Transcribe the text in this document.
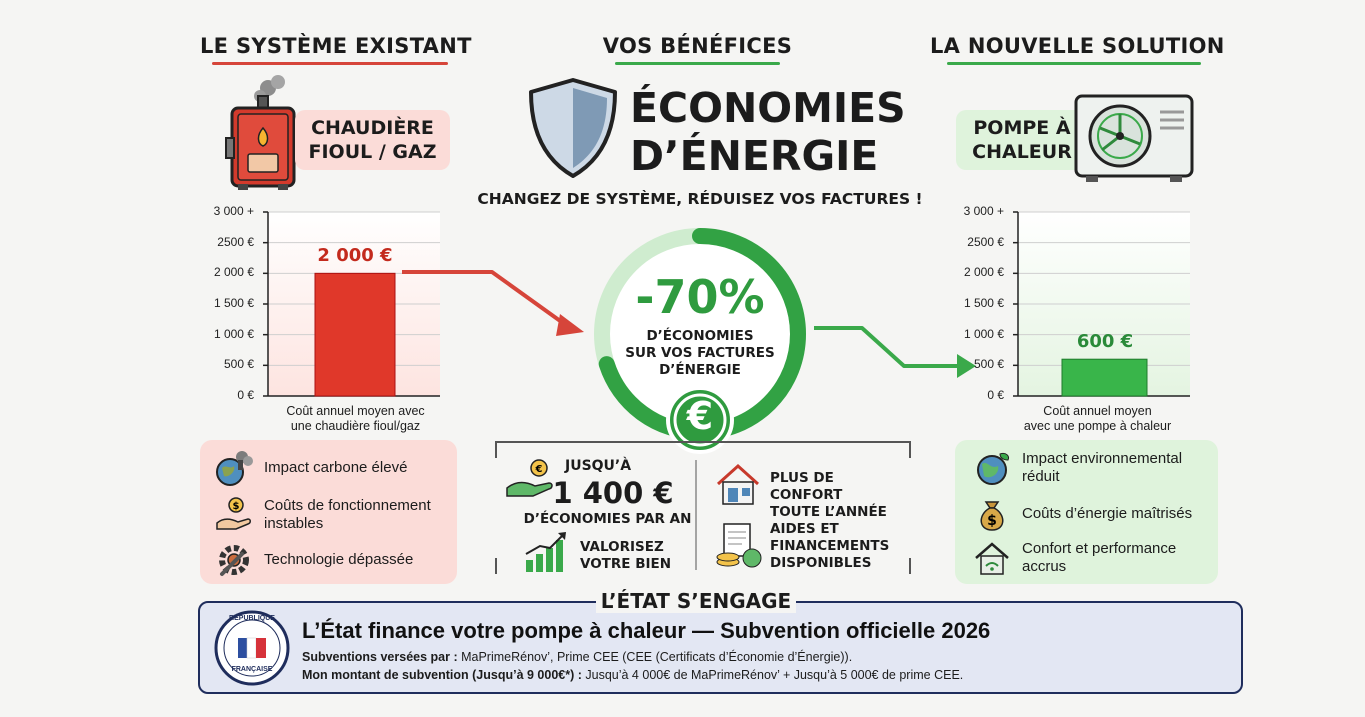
LE SYSTÈME EXISTANT	VOS BÉNÉFICES	LA NOUVELLE SOLUTION
CHAUDIÈRE
FIOUL / GAZ
0 €
500 €
1 000 €
1 500 €
2 000 €
2500 €
3 000 +
2 000 €
Coût annuel moyen avec
une chaudière fioul/gaz
Impact carbone élevé
$ Coûts de fonctionnement
instables
Technologie dépassée
ÉCONOMIES
D’ÉNERGIE
CHANGEZ DE SYSTÈME, RÉDUISEZ VOS FACTURES !
-70%
D’ÉCONOMIES
SUR VOS FACTURES
D’ÉNERGIE
€
€ JUSQU’À
1 400 €
D’ÉCONOMIES PAR AN
VALORISEZ
VOTRE BIEN
PLUS DE CONFORT
TOUTE L’ANNÉE
AIDES ET
FINANCEMENTS
DISPONIBLES
POMPE À
CHALEUR
0 €
500 €
1 000 €
1 500 €
2 000 €
2500 €
3 000 +
600 €
Coût annuel moyen
avec une pompe à chaleur
Impact environnemental
réduit
$ Coûts d’énergie maîtrisés
Confort et performance
accrus
L’ÉTAT S’ENGAGE
RÉPUBLIQUE
FRANÇAISE
L’État finance votre pompe à chaleur — Subvention officielle 2026
Subventions versées par : MaPrimeRénov’, Prime CEE (CEE (Certificats d’Économie d’Énergie)).
Mon montant de subvention (Jusqu’à 9 000€*) : Jusqu’à 4 000€ de MaPrimeRénov’ + Jusqu’à 5 000€ de prime CEE.
